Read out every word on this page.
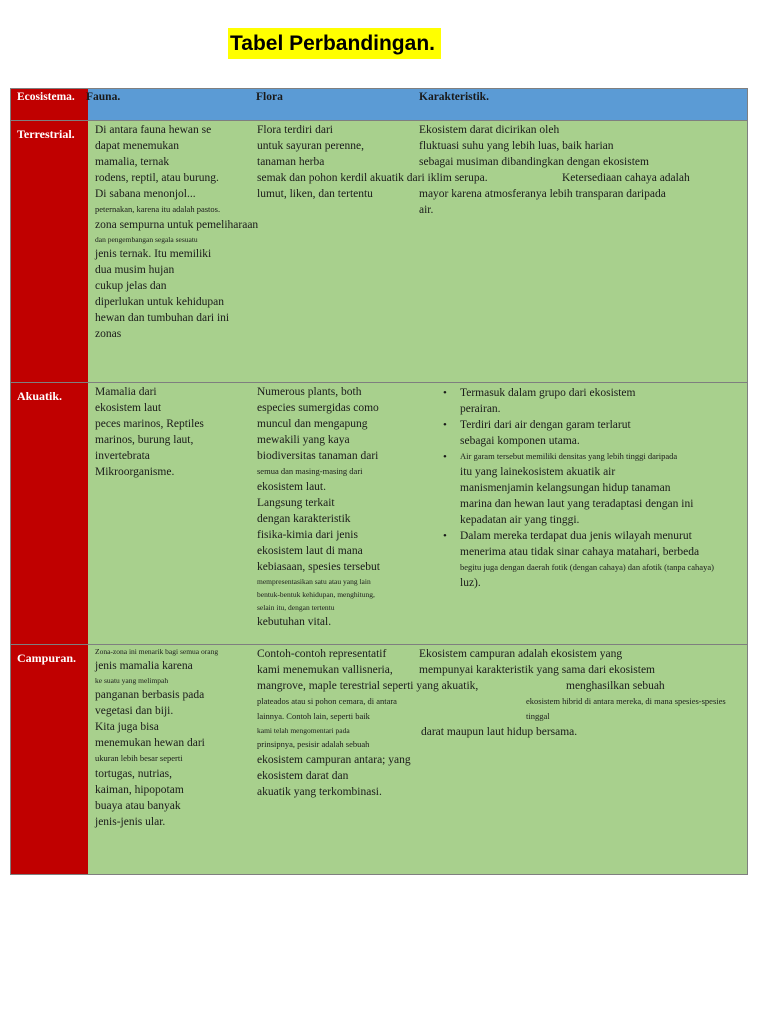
Tabel Perbandingan.
Ecosistema. Fauna.	Flora	Karakteristik.
Terrestrial.
Akuatik.
Campuran.
Di antara fauna hewan se
dapat menemukan
mamalia, ternak
rodens, reptil, atau burung.
Di sabana menonjol...
peternakan, karena itu adalah pastos.
zona sempurna untuk pemeliharaan
dan pengembangan segala sesuatu
jenis ternak. Itu memiliki
dua musim hujan
cukup jelas dan
diperlukan untuk kehidupan
hewan dan tumbuhan dari ini
zonas
Flora terdiri dari
untuk sayuran perenne,
tanaman herba
semak dan pohon kerdil akuatik dari iklim serupa.
lumut, liken, dan tertentu
Ekosistem darat dicirikan oleh
fluktuasi suhu yang lebih luas, baik harian
sebagai musiman dibandingkan dengan ekosistem
Ketersediaan cahaya adalah
mayor karena atmosferanya lebih transparan daripada
air.
Mamalia dari
ekosistem laut
peces marinos, Reptiles
marinos, burung laut,
invertebrata
Mikroorganisme.
Numerous plants, both
especies sumergidas como
muncul dan mengapung
mewakili yang kaya
biodiversitas tanaman dari
semua dan masing-masing dari
ekosistem laut.
Langsung terkait
dengan karakteristik
fisika-kimia dari jenis
ekosistem laut di mana
kebiasaan, spesies tersebut
mempresentasikan satu atau yang lain
bentuk-bentuk kehidupan, menghitung,
selain itu, dengan tertentu
kebutuhan vital.
• Termasuk dalam grupo dari ekosistem
perairan.
• Terdiri dari air dengan garam terlarut
sebagai komponen utama.
• Air garam tersebut memiliki densitas yang lebih tinggi daripada
itu yang lainekosistem akuatik air
manismenjamin kelangsungan hidup tanaman
marina dan hewan laut yang teradaptasi dengan ini
kepadatan air yang tinggi.
• Dalam mereka terdapat dua jenis wilayah menurut
menerima atau tidak sinar cahaya matahari, berbeda
begitu juga dengan daerah fotik (dengan cahaya) dan afotik (tanpa cahaya)
luz).
Zona-zona ini menarik bagi semua orang
jenis mamalia karena
ke suatu yang melimpah
panganan berbasis pada
vegetasi dan biji.
Kita juga bisa
menemukan hewan dari
ukuran lebih besar seperti
tortugas, nutrias,
kaiman, hipopotam
buaya atau banyak
jenis-jenis ular.
Contoh-contoh representatif
kami menemukan vallisneria,
mangrove, maple terestrial seperti yang akuatik,
plateados atau si pohon cemara, di antara
lainnya. Contoh lain, seperti baik
kami telah mengomentari pada
prinsipnya, pesisir adalah sebuah
ekosistem campuran antara; yang
ekosistem darat dan
akuatik yang terkombinasi.
Ekosistem campuran adalah ekosistem yang
mempunyai karakteristik yang sama dari ekosistem
menghasilkan sebuah
ekosistem hibrid di antara mereka, di mana spesies-spesies tinggal
darat maupun laut hidup bersama.
